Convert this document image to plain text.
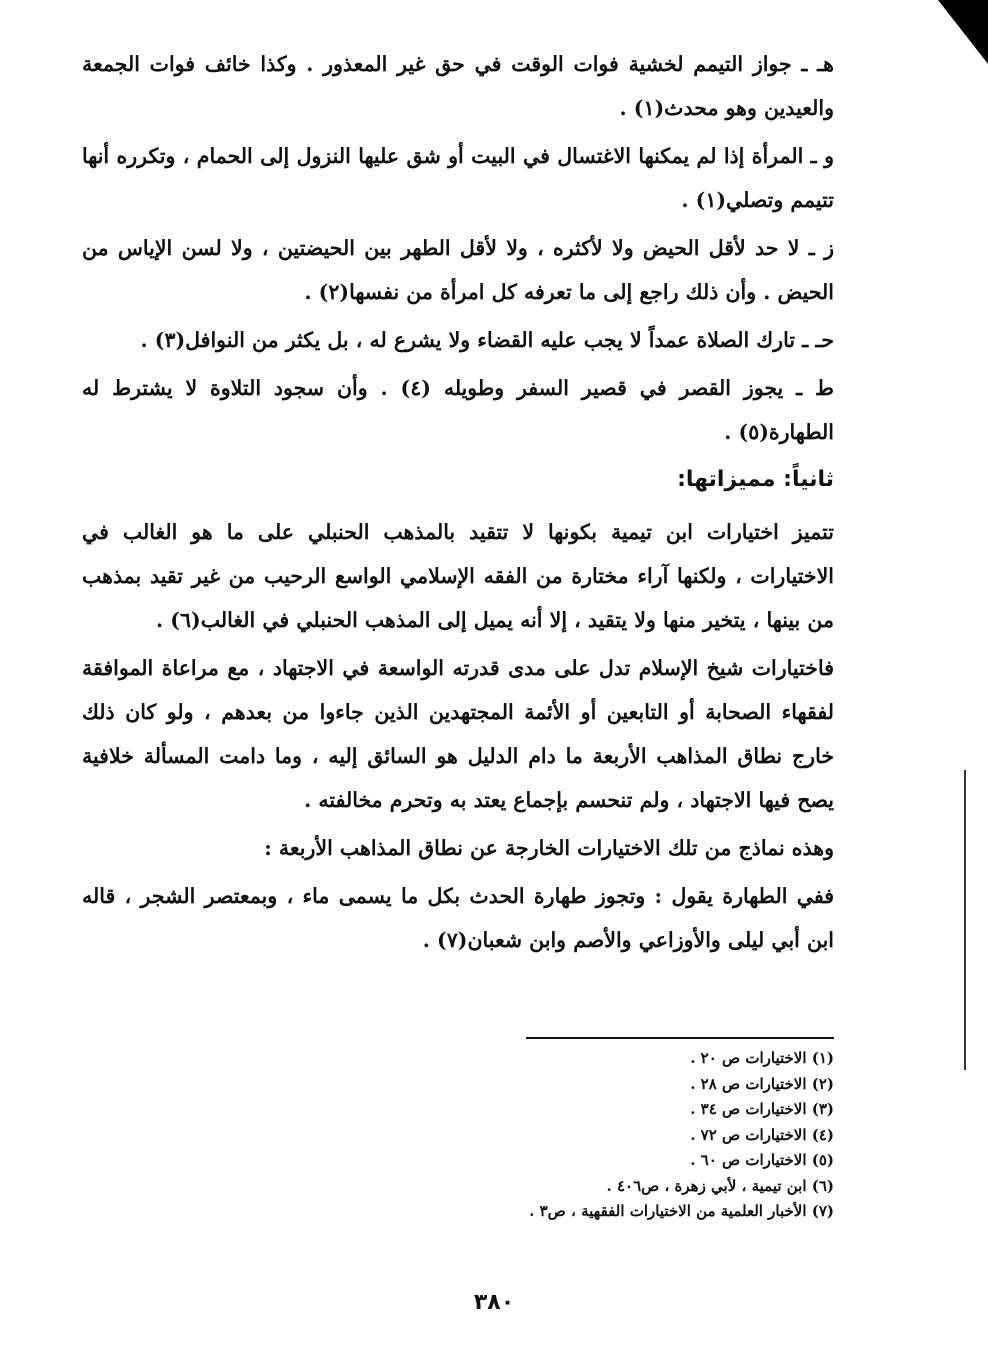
هـ ـ جواز التيمم لخشية فوات الوقت في حق غير المعذور . وكذا خائف فوات الجمعة والعيدين وهو محدث(١) .

و ـ المرأة إذا لم يمكنها الاغتسال في البيت أو شق عليها النزول إلى الحمام ، وتكرره أنها تتيمم وتصلي(١) .

ز ـ لا حد لأقل الحيض ولا لأكثره ، ولا لأقل الطهر بين الحيضتين ، ولا لسن الإياس من الحيض . وأن ذلك راجع إلى ما تعرفه كل امرأة من نفسها(٢) .

حـ ـ تارك الصلاة عمداً لا يجب عليه القضاء ولا يشرع له ، بل يكثر من النوافل(٣) .

ط ـ يجوز القصر في قصير السفر وطويله (٤) . وأن سجود التلاوة لا يشترط له الطهارة(٥) .

ثانياً: مميزاتها:

تتميز اختيارات ابن تيمية بكونها لا تتقيد بالمذهب الحنبلي على ما هو الغالب في الاختيارات ، ولكنها آراء مختارة من الفقه الإسلامي الواسع الرحيب من غير تقيد بمذهب من بينها ، يتخير منها ولا يتقيد ، إلا أنه يميل إلى المذهب الحنبلي في الغالب(٦) .

فاختيارات شيخ الإسلام تدل على مدى قدرته الواسعة في الاجتهاد ، مع مراعاة الموافقة لفقهاء الصحابة أو التابعين أو الأئمة المجتهدين الذين جاءوا من بعدهم ، ولو كان ذلك خارج نطاق المذاهب الأربعة ما دام الدليل هو السائق إليه ، وما دامت المسألة خلافية يصح فيها الاجتهاد ، ولم تنحسم بإجماع يعتد به وتحرم مخالفته .

وهذه نماذج من تلك الاختيارات الخارجة عن نطاق المذاهب الأربعة :

ففي الطهارة يقول : وتجوز طهارة الحدث بكل ما يسمى ماء ، وبمعتصر الشجر ، قاله ابن أبي ليلى والأوزاعي والأصم وابن شعبان(٧) .

(١) الاختيارات ص ٢٠ .

(٢) الاختيارات ص ٢٨ .

(٣) الاختيارات ص ٣٤ .

(٤) الاختيارات ص ٧٢ .

(٥) الاختيارات ص ٦٠ .

(٦) ابن تيمية ، لأبي زهرة ، ص٤٠٦ .

(٧) الأخبار العلمية من الاختيارات الفقهية ، ص٣ .

٣٨٠
